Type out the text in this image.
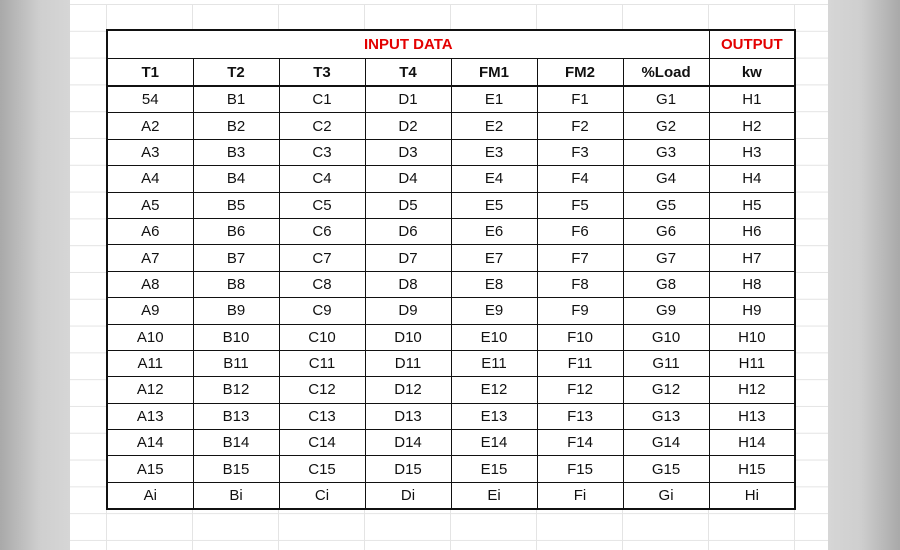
INPUT DATA							OUTPUT
T1	T2	T3	T4	FM1	FM2	%Load	kw
54	B1	C1	D1	E1	F1	G1	H1
A2	B2	C2	D2	E2	F2	G2	H2
A3	B3	C3	D3	E3	F3	G3	H3
A4	B4	C4	D4	E4	F4	G4	H4
A5	B5	C5	D5	E5	F5	G5	H5
A6	B6	C6	D6	E6	F6	G6	H6
A7	B7	C7	D7	E7	F7	G7	H7
A8	B8	C8	D8	E8	F8	G8	H8
A9	B9	C9	D9	E9	F9	G9	H9
A10	B10	C10	D10	E10	F10	G10	H10
A11	B11	C11	D11	E11	F11	G11	H11
A12	B12	C12	D12	E12	F12	G12	H12
A13	B13	C13	D13	E13	F13	G13	H13
A14	B14	C14	D14	E14	F14	G14	H14
A15	B15	C15	D15	E15	F15	G15	H15
Ai	Bi	Ci	Di	Ei	Fi	Gi	Hi
